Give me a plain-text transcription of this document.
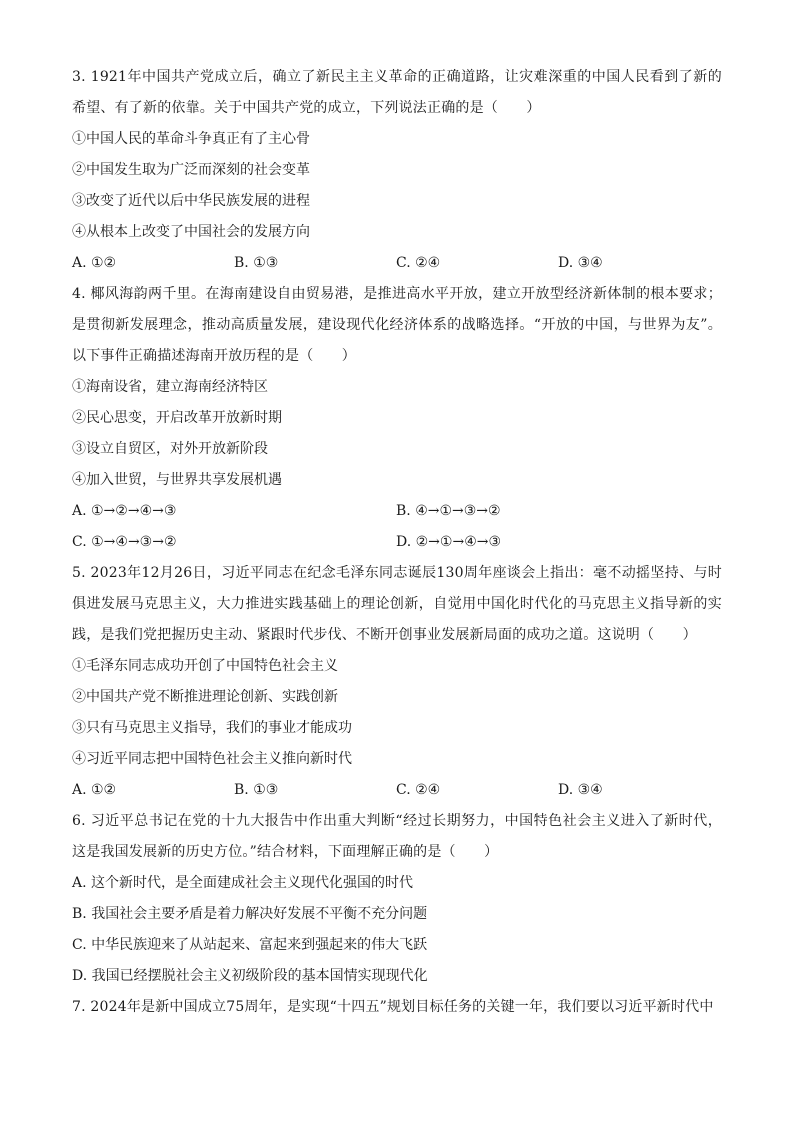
3. 1921年中国共产党成立后，确立了新民主主义革命的正确道路，让灾难深重的中国人民看到了新的希望、有了新的依靠。关于中国共产党的成立，下列说法正确的是（　　）

①中国人民的革命斗争真正有了主心骨

②中国发生取为广泛而深刻的社会变革

③改变了近代以后中华民族发展的进程

④从根本上改变了中国社会的发展方向

A. ①②	B. ①③	C. ②④	D. ③④

4. 椰风海韵两千里。在海南建设自由贸易港，是推进高水平开放，建立开放型经济新体制的根本要求；是贯彻新发展理念，推动高质量发展，建设现代化经济体系的战略选择。“开放的中国，与世界为友”。以下事件正确描述海南开放历程的是（　　）

①海南设省，建立海南经济特区

②民心思变，开启改革开放新时期

③设立自贸区，对外开放新阶段

④加入世贸，与世界共享发展机遇

A. ①→②→④→③	B. ④→①→③→②
C. ①→④→③→②	D. ②→①→④→③

5. 2023年12月26日，习近平同志在纪念毛泽东同志诞辰130周年座谈会上指出：毫不动摇坚持、与时俱进发展马克思主义，大力推进实践基础上的理论创新，自觉用中国化时代化的马克思主义指导新的实践，是我们党把握历史主动、紧跟时代步伐、不断开创事业发展新局面的成功之道。这说明（　　）

①毛泽东同志成功开创了中国特色社会主义

②中国共产党不断推进理论创新、实践创新

③只有马克思主义指导，我们的事业才能成功

④习近平同志把中国特色社会主义推向新时代

A. ①②	B. ①③	C. ②④	D. ③④

6. 习近平总书记在党的十九大报告中作出重大判断“经过长期努力，中国特色社会主义进入了新时代，这是我国发展新的历史方位。”结合材料，下面理解正确的是（　　）

A. 这个新时代，是全面建成社会主义现代化强国的时代

B. 我国社会主要矛盾是着力解决好发展不平衡不充分问题

C. 中华民族迎来了从站起来、富起来到强起来的伟大飞跃

D. 我国已经摆脱社会主义初级阶段的基本国情实现现代化

7. 2024年是新中国成立75周年，是实现“十四五”规划目标任务的关键一年，我们要以习近平新时代中
